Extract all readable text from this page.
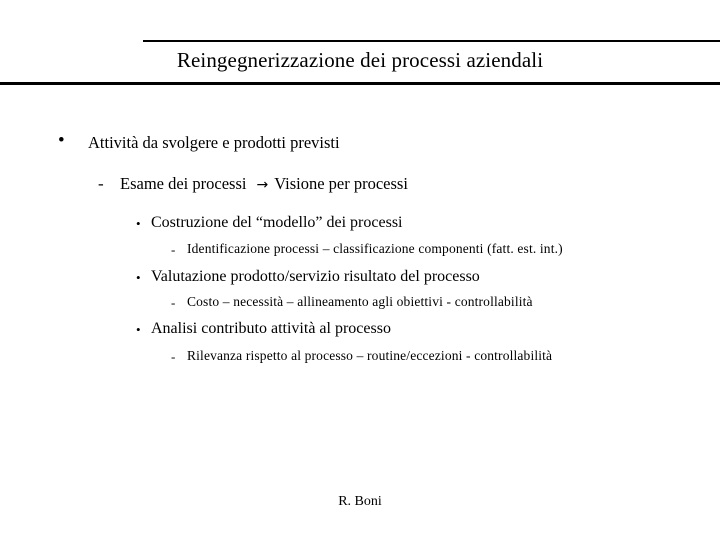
Reingegnerizzazione dei processi aziendali
• Attività da svolgere e prodotti previsti
- Esame dei processi → Visione per processi
• Costruzione del “modello” dei processi
- Identificazione processi – classificazione componenti (fatt. est. int.)
• Valutazione prodotto/servizio risultato del processo
- Costo – necessità – allineamento agli obiettivi - controllabilità
• Analisi contributo attività al processo
- Rilevanza rispetto al processo – routine/eccezioni - controllabilità
R. Boni
